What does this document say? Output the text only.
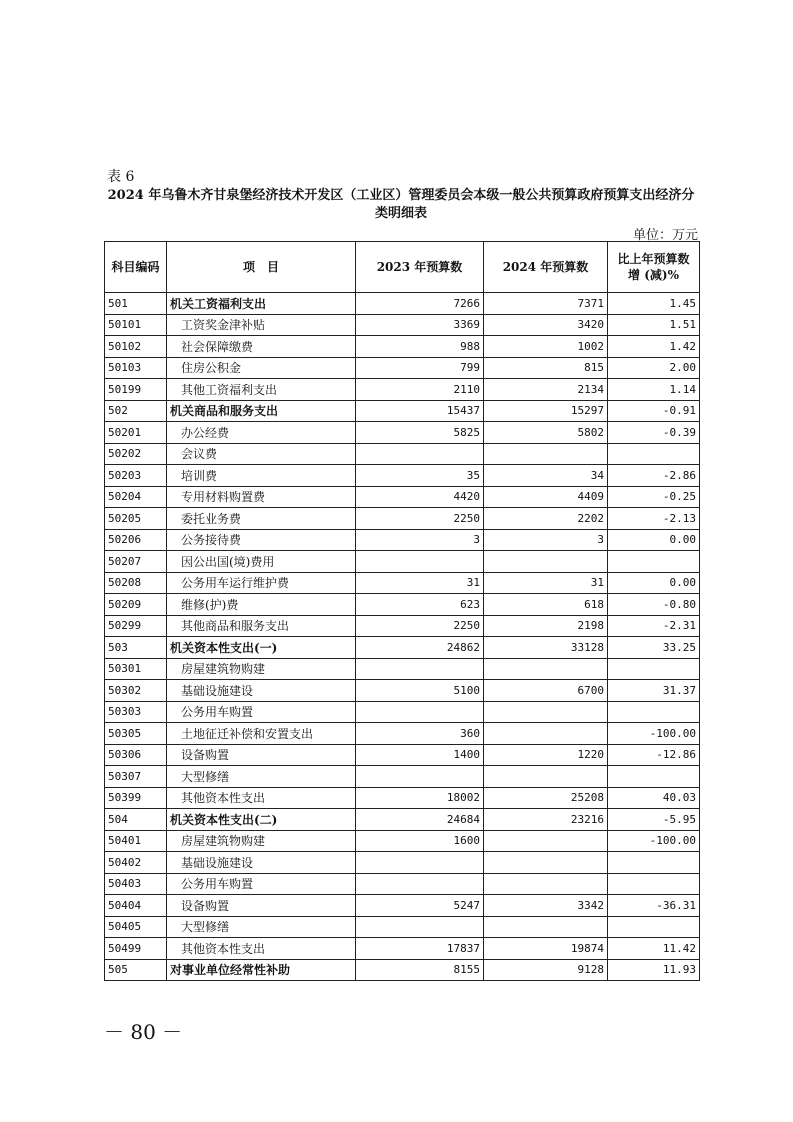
表 6
2024 年乌鲁木齐甘泉堡经济技术开发区（工业区）管理委员会本级一般公共预算政府预算支出经济分
类明细表
单位：万元
科目编码	项　目	2023 年预算数	2024 年预算数	比上年预算数
增 (减)%

501	机关工资福利支出	7266	7371	1.45
50101	工资奖金津补贴	3369	3420	1.51
50102	社会保障缴费	988	1002	1.42
50103	住房公积金	799	815	2.00
50199	其他工资福利支出	2110	2134	1.14
502	机关商品和服务支出	15437	15297	-0.91
50201	办公经费	5825	5802	-0.39
50202	会议费			
50203	培训费	35	34	-2.86
50204	专用材料购置费	4420	4409	-0.25
50205	委托业务费	2250	2202	-2.13
50206	公务接待费	3	3	0.00
50207	因公出国(境)费用			
50208	公务用车运行维护费	31	31	0.00
50209	维修(护)费	623	618	-0.80
50299	其他商品和服务支出	2250	2198	-2.31
503	机关资本性支出(一)	24862	33128	33.25
50301	房屋建筑物购建			
50302	基础设施建设	5100	6700	31.37
50303	公务用车购置			
50305	土地征迁补偿和安置支出	360		-100.00
50306	设备购置	1400	1220	-12.86
50307	大型修缮			
50399	其他资本性支出	18002	25208	40.03
504	机关资本性支出(二)	24684	23216	-5.95
50401	房屋建筑物购建	1600		-100.00
50402	基础设施建设			
50403	公务用车购置			
50404	设备购置	5247	3342	-36.31
50405	大型修缮			
50499	其他资本性支出	17837	19874	11.42
505	对事业单位经常性补助	8155	9128	11.93
－ 80 －
